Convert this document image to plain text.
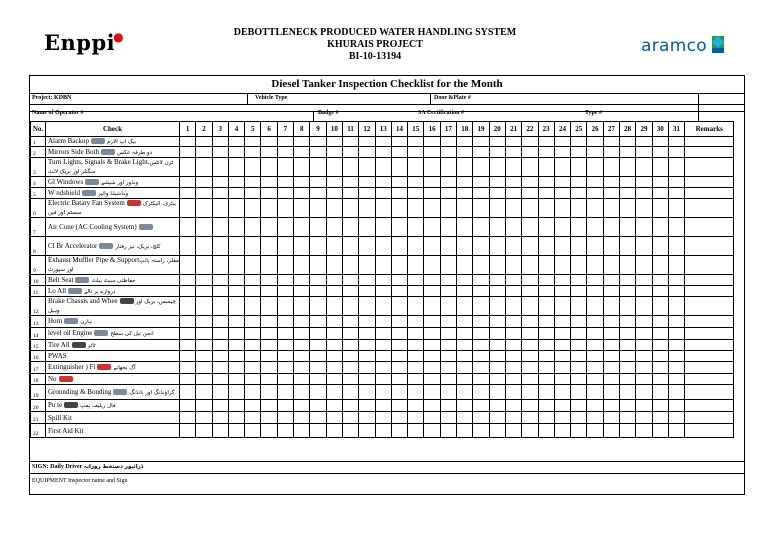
Enppi●	DEBOTTLENECK PRODUCED WATER HANDLING SYSTEM
KHURAIS PROJECT
BI-10-13194
aramco
Diesel Tanker Inspection Checklist for the Month
Project: KDBN	Vehicle Type	Door &Plate #
Name of Operator #	Badge #	SA Certification #	Type #
No.	Check	1	2	3	4	5	6	7	8	9	10	11	12	13	14	15	16	17	18	19	20	21	22	23	24	25	26	27	28	29	30	31	Remarks
1	Alarm Backup بیک اپ الارم																																
2	Mirrors Side Both دو طرفہ عکس																																
3	Turn Lights, Signals & Brake Lightٹرن لائٹس، سگنلز اور بریک لائٹ																																
4	Gl Windows ونڈوز اور شیشے																																
5	W ndshield ونڈشیلڈ وائپر																																
6	Electric Batary Fan System بیٹری، الیکٹرک سسٹم اور فین																																
7	Air Cone (AC Cooling System)																																
8	Cl Br Accelerator کلچ، بریک، تیز رفتار																																
9	Exhaust Muffler Pipe & Supportمفلر، راستہ پائپ اور سپورٹ																																
10	Belt Seat حفاظتی سیٹ بیلٹ																																
11	Lo All دروازے پر تالے																																
12	Brake Chassis and Whee چیسس، بریک اور وہیل																																
13	Horn ہارن																																
14	level oil Engine انجن تیل کی سطح																																
15	Tire All ٹائر																																
16	PWAS																																
17	Extinguisher ) Fi آگ بجھانے																																
18	No																																
19	Grounding & Bonding گراؤنڈنگ اور بانڈنگ																																
20	Pu te فال ریلیف پمپ																																
21	Spill Kit																																
22	First Aid Kit																																
SIGN: Daily Driver ڈرائیور دستخط روزانہ
EQUIPMENT Inspector name and Sign
